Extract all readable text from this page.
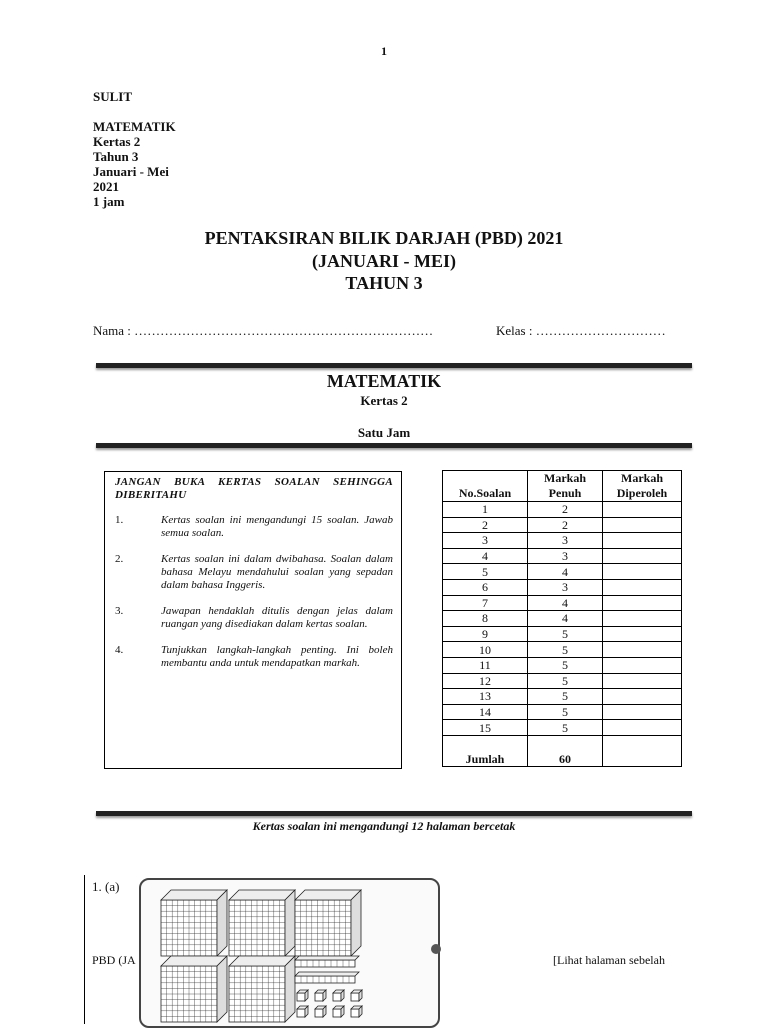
1
SULIT
MATEMATIK
Kertas 2
Tahun 3
Januari - Mei
2021
1 jam
PENTAKSIRAN BILIK DARJAH (PBD) 2021
(JANUARI - MEI)
TAHUN 3
Nama : ……………………………………………………………	Kelas : …………………………
MATEMATIK
Kertas 2
Satu Jam
JANGAN BUKA KERTAS SOALAN SEHINGGA DIBERITAHU
1.	Kertas soalan ini mengandungi 15 soalan. Jawab semua soalan.
2.	Kertas soalan ini dalam dwibahasa. Soalan dalam bahasa Melayu mendahului soalan yang sepadan dalam bahasa Inggeris.
3.	Jawapan hendaklah ditulis dengan jelas dalam ruangan yang disediakan dalam kertas soalan.
4.	Tunjukkan langkah-langkah penting. Ini boleh membantu anda untuk mendapatkan markah.
No.Soalan	Markah Penuh	Markah Diperoleh
1	2	
2	2	
3	3	
4	3	
5	4	
6	3	
7	4	
8	4	
9	5	
10	5	
11	5	
12	5	
13	5	
14	5	
15	5	
Jumlah	60	
Kertas soalan ini mengandungi 12 halaman bercetak
1. (a)
PBD (JA	[Lihat halaman sebelah
